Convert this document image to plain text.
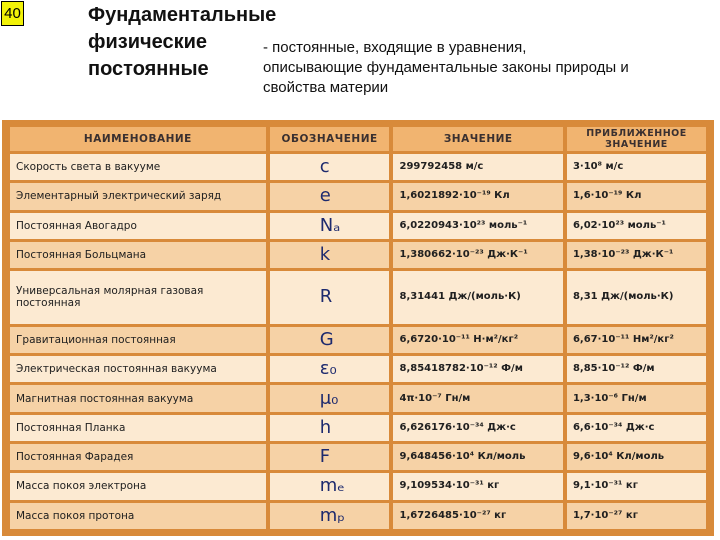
40	Фундаментальные
физические
постоянные
- постоянные, входящие в уравнения,
описывающие фундаментальные законы природы и
свойства материи
НАИМЕНОВАНИЕ	ОБОЗНАЧЕНИЕ	ЗНАЧЕНИЕ	ПРИБЛИЖЕННОЕ ЗНАЧЕНИЕ
Скорость света в вакууме	c	299792458 м/с	3·10⁸ м/с
Элементарный электрический заряд	e	1,6021892·10⁻¹⁹ Кл	1,6·10⁻¹⁹ Кл
Постоянная Авогадро	Nₐ	6,0220943·10²³ моль⁻¹	6,02·10²³ моль⁻¹
Постоянная Больцмана	k	1,380662·10⁻²³ Дж·К⁻¹	1,38·10⁻²³ Дж·К⁻¹
Универсальная молярная газовая постоянная	R	8,31441 Дж/(моль·К)	8,31 Дж/(моль·К)
Гравитационная постоянная	G	6,6720·10⁻¹¹ Н·м²/кг²	6,67·10⁻¹¹ Нм²/кг²
Электрическая постоянная вакуума	ε₀	8,85418782·10⁻¹² Ф/м	8,85·10⁻¹² Ф/м
Магнитная постоянная вакуума	μ₀	4π·10⁻⁷ Гн/м	1,3·10⁻⁶ Гн/м
Постоянная Планка	h	6,626176·10⁻³⁴ Дж·с	6,6·10⁻³⁴ Дж·с
Постоянная Фарадея	F	9,648456·10⁴ Кл/моль	9,6·10⁴ Кл/моль
Масса покоя электрона	mₑ	9,109534·10⁻³¹ кг	9,1·10⁻³¹ кг
Масса покоя протона	mₚ	1,6726485·10⁻²⁷ кг	1,7·10⁻²⁷ кг
